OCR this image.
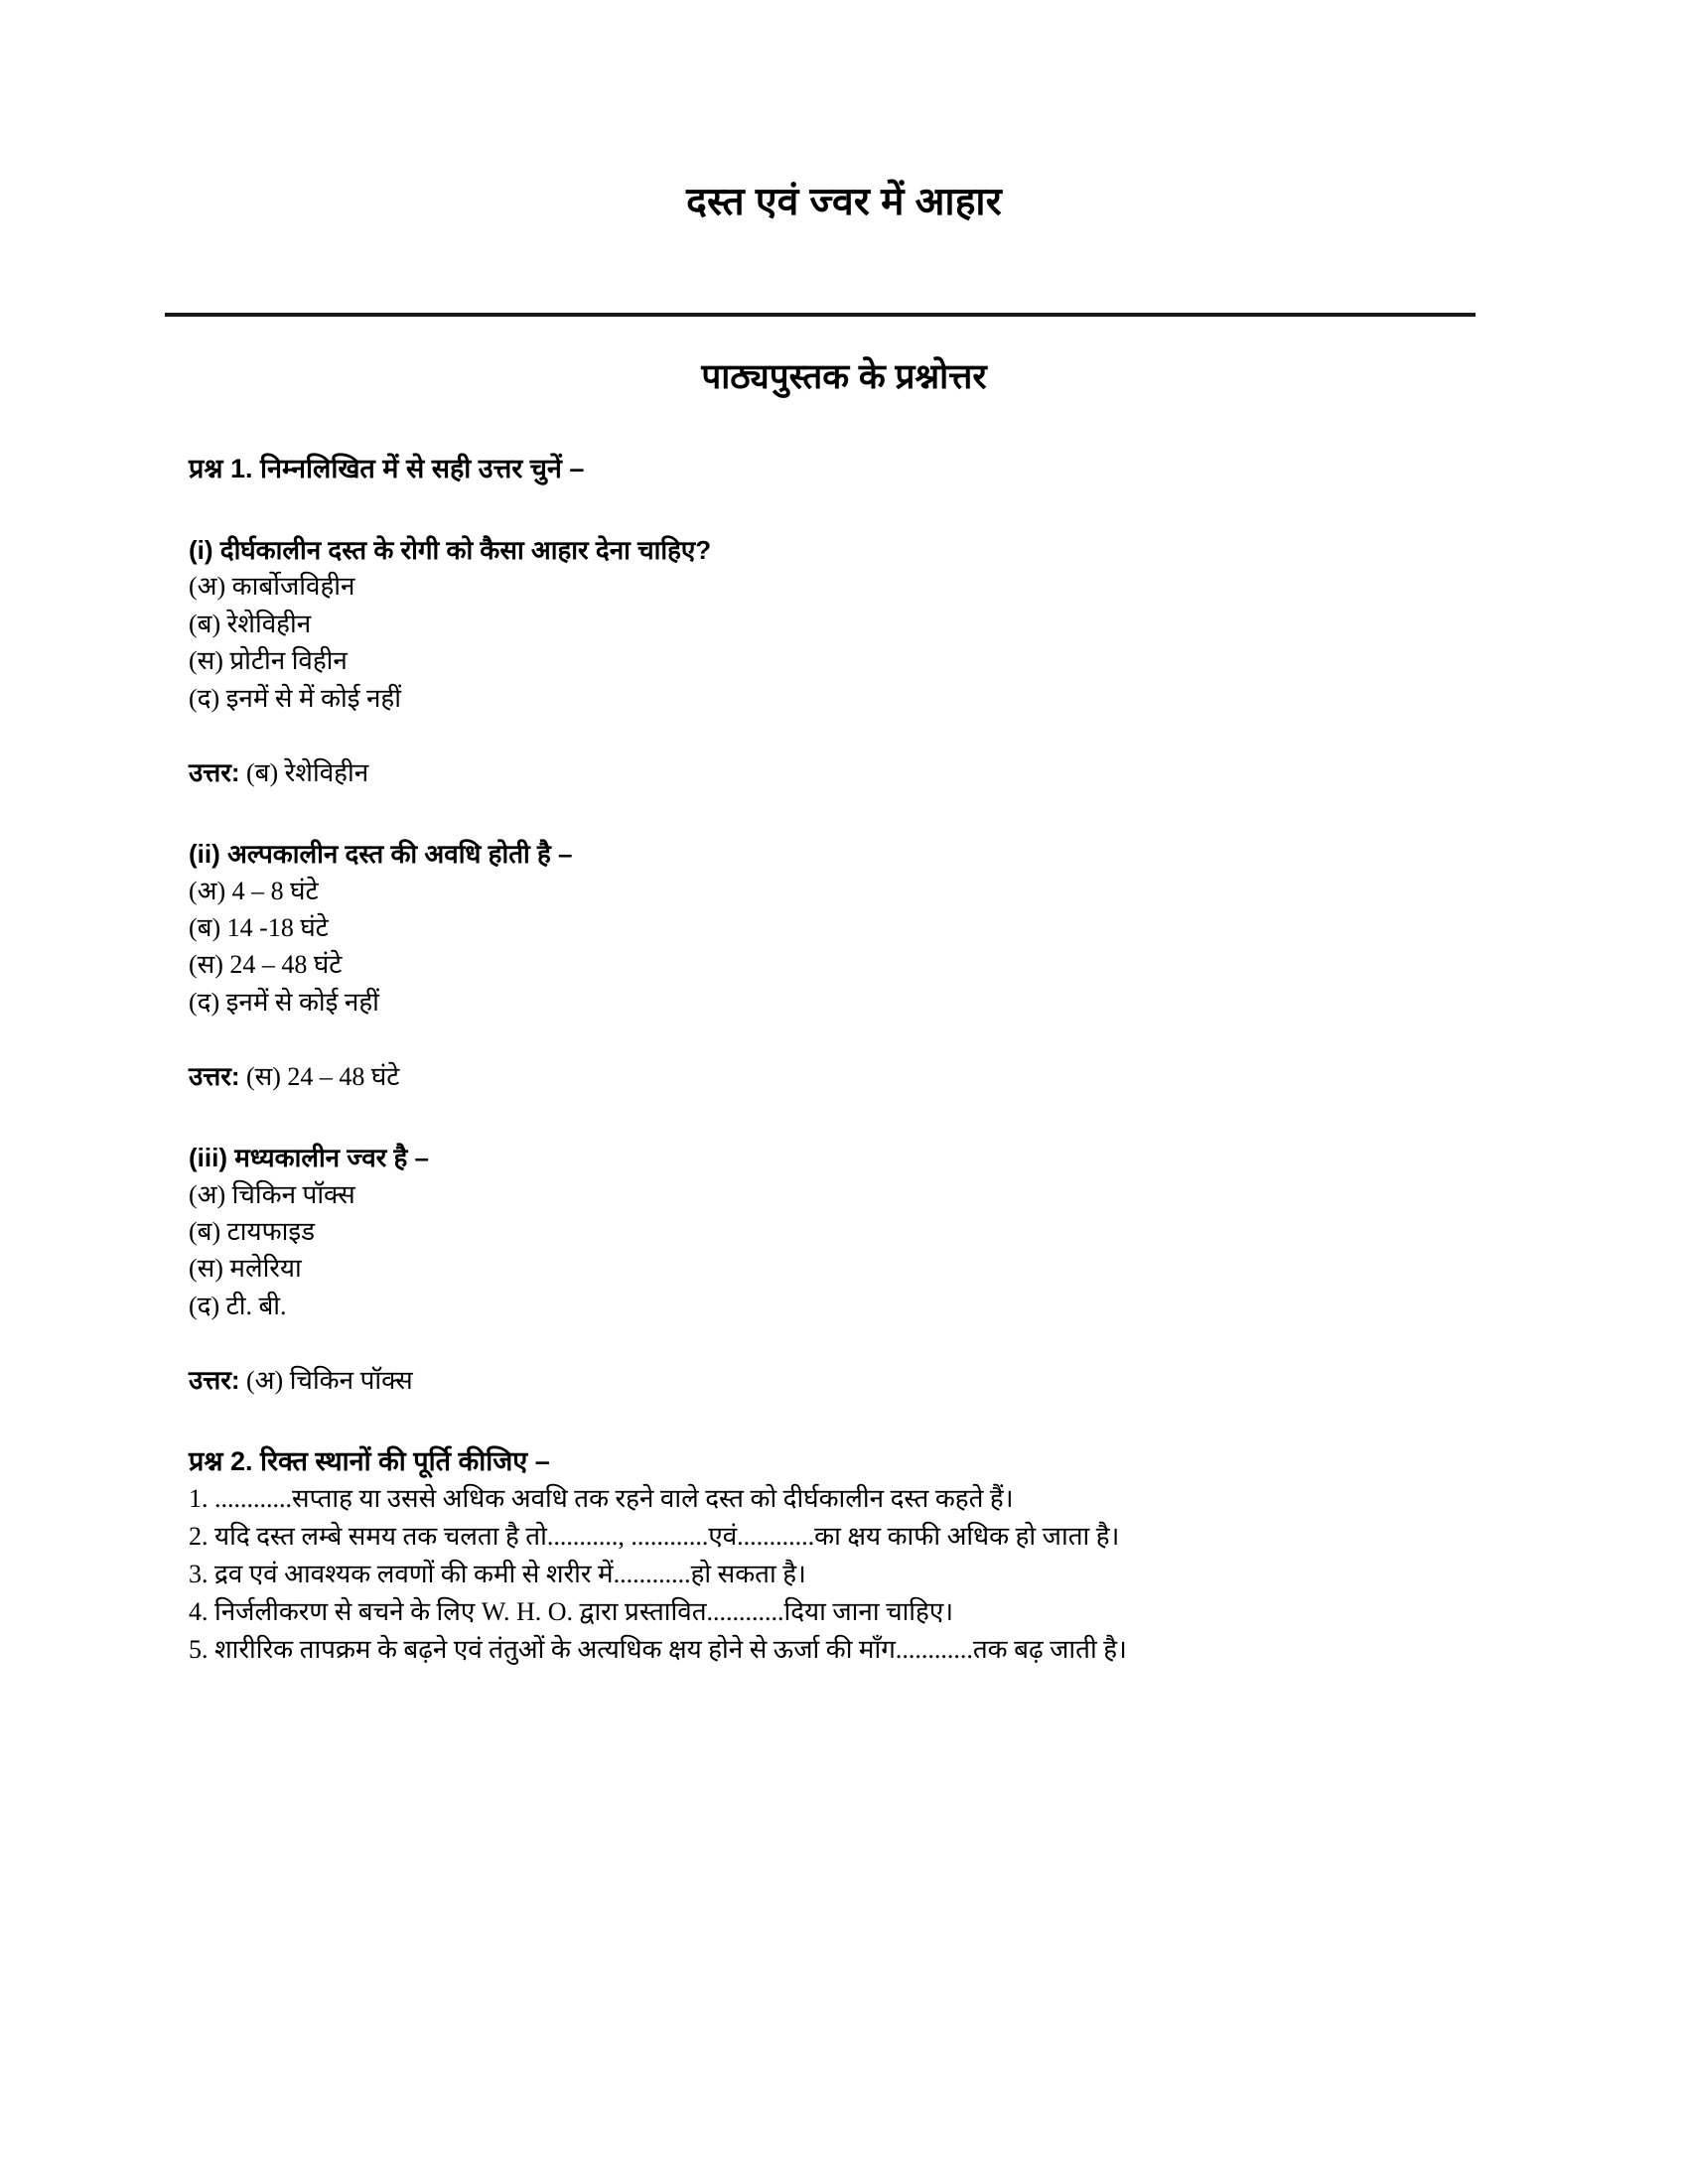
दस्त एवं ज्वर में आहार
पाठ्यपुस्तक के प्रश्नोत्तर

प्रश्न 1. निम्नलिखित में से सही उत्तर चुनें –

(i) दीर्घकालीन दस्त के रोगी को कैसा आहार देना चाहिए?

(अ) कार्बोजविहीन

(ब) रेशेविहीन

(स) प्रोटीन विहीन

(द) इनमें से में कोई नहीं

उत्तर: (ब) रेशेविहीन

(ii) अल्पकालीन दस्त की अवधि होती है –

(अ) 4 – 8 घंटे

(ब) 14 -18 घंटे

(स) 24 – 48 घंटे

(द) इनमें से कोई नहीं

उत्तर: (स) 24 – 48 घंटे

(iii) मध्यकालीन ज्वर है –

(अ) चिकिन पॉक्स

(ब) टायफाइड

(स) मलेरिया

(द) टी. बी.

उत्तर: (अ) चिकिन पॉक्स

प्रश्न 2. रिक्त स्थानों की पूर्ति कीजिए –

1. ............सप्ताह या उससे अधिक अवधि तक रहने वाले दस्त को दीर्घकालीन दस्त कहते हैं।

2. यदि दस्त लम्बे समय तक चलता है तो..........., ............एवं............का क्षय काफी अधिक हो जाता है।

3. द्रव एवं आवश्यक लवणों की कमी से शरीर में............हो सकता है।

4. निर्जलीकरण से बचने के लिए W. H. O. द्वारा प्रस्तावित............दिया जाना चाहिए।

5. शारीरिक तापक्रम के बढ़ने एवं तंतुओं के अत्यधिक क्षय होने से ऊर्जा की माँग............तक बढ़ जाती है।
